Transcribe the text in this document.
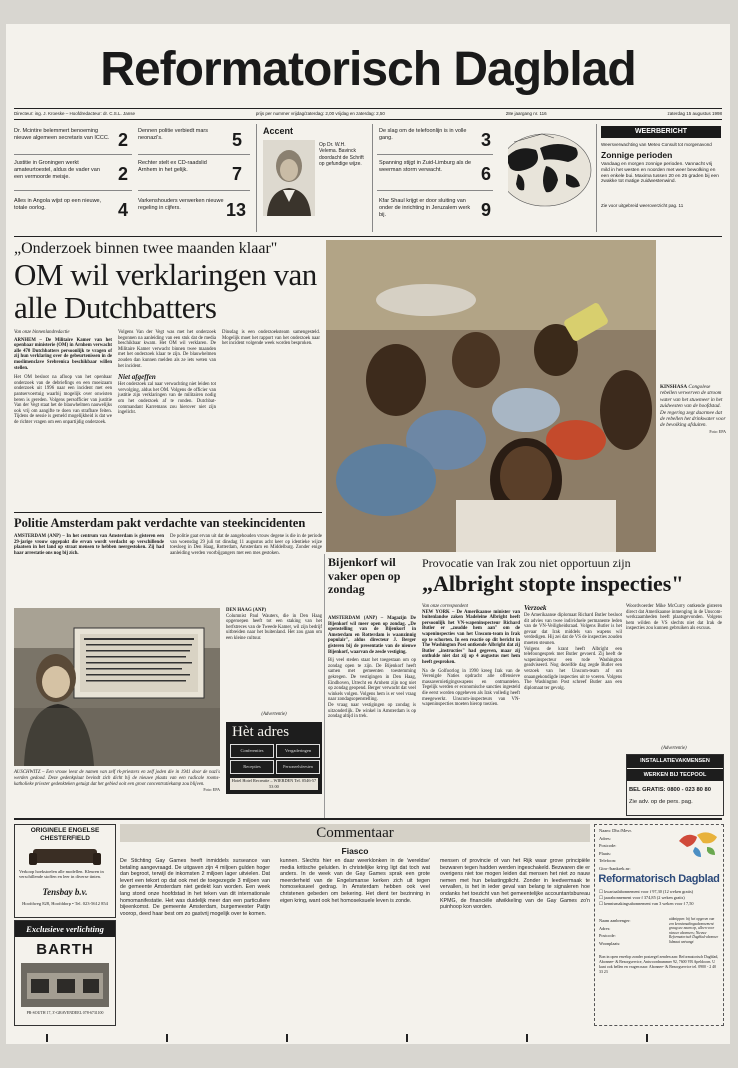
Reformatorisch Dagblad
Directeur: ing. J. Kroeske – Hoofdredacteur: dr. C.S.L. Janse	prijs per nummer vrijdag/zaterdag: 2,00 vrijdag en zaterdag: 2,50	28e jaargang nr. 116	zaterdag 15 augustus 1998
Dr. Mcintire belemmert benoeming nieuwe algemeen secretaris van ICCC. 2
Justitie in Groningen werkt amateurtoestel, aldus de vader van een vermoorde meisje.	2
Alles in Angola wijst op een nieuwe, totale oorlog.	4
Dennen politie verbiedt mars neonazi's.	5
Rechter stelt ex CD-raadslid Arnhem in het gelijk.	7
Varkenshouders verwerken nieuwe regeling in cijfers.	13
Accent
Op Dr. W.H. Velema. Bavinck doordacht de Schrift op gefundige wijze.
De slag om de telefoonlijn is in volle gang.	3
Spanning stijgt in Zuid-Limburg als de weerman storm verwacht.	6
Kfar Shaul krijgt er door sluiting van onder de inrichting in Jeruzalem werk bij.	9
WEERBERICHT
Weersverwachting van Meteo Consult tot morgenavond
Zonnige perioden
Vandaag en morgen zonnige perioden. Vannacht vrij mild in het westen en noorden met weer bewolking en een enkele bui. Maxima tussen 20 en 25 graden bij een zwakke tot matige zuidwestenwind.
Zie voor uitgebreid weeroverzicht pag. 11
„Onderzoek binnen twee maanden klaar"
OM wil verklaringen van alle Dutchbatters
Van onze binnenlandredactie
ARNHEM – De Militaire Kamer van het openbaar ministerie (OM) in Arnhem verwacht alle 470 Dutchbatters persoonlijk te vragen of zij hun verklaring over de gebeurtenissen in de moslimenclave Srebrenica beschikbaar willen stellen.
Het OM besloot na afloop van het openbaar onderzoek van de debriefings en een moeizaam onderzoek uit 1996 naar een incident met een pantservoertuig waarbij mogelijk over onwisten beren is gereden. Volgens persofficier van justitie Van der Vegt staat het de blauwhelmen nauwelijks ook vrij om aangifte te doen van strafbare feiten. Tijdens de sessie is gemeld mogelijkheid is dat we de richter vragen om een onpartijdig onderzoek.
Volgens Van der Vegt was met het onderzoek begonnen na aanleiding van een stuk dat de media beschikbaar kwam. Het OM wil verklaren. De Militaire Kamer verwacht binnen twee maanden met het onderzoek klaar te zijn. De blauwhelmen zouden dan kunnen melden als ze iets weten van het incident.
Niet afgeffen
Het onderzoek zal naar verwachting niet leiden tot vervolging, aldus het OM. Volgens de officier van justitie zijn verklaringen van de militairen nodig om het onderzoek af te ronden. Dutchbat-commandant Karremans zou hierover niet zijn ingelicht.
Dinsdag is een onderzoeksteam samengesteld. Mogelijk moet het rapport van het onderzoek naar het incident volgende week worden besproken.
KINSHASA Congolese rebellen verwerven de stroom water van het stuwmeer in het zuidwesten van de hoofdstad. De regering zegt daarmee dat de rebellen het drinkwater voor de bevolking afsluiten.
Foto: EPA
Politie Amsterdam pakt verdachte van steekincidenten
AMSTERDAM (ANP) – In het centrum van Amsterdam is gisteren een 29-jarige vrouw opgepakt die ervan wordt verdacht op verschillende plaatsen in het land op straat mensen te hebben neergestoken. Zij had haar arrestatie ons nog bij zich.
De politie gaat ervan uit dat de aangehouden vrouw degene is die in de periode van woensdag 29 juli tot dinsdag 11 augustus acht keer op identieke wijze toesloeg in Den Haag, Rotterdam, Amsterdam en Middelburg. Zonder enige aanleiding werden voorbijgangers met een mes gestoken.
AUSCHWITZ – Een vrouw leest de namen van zelf rk-priesters en zelf joden die in 1941 door de nazi's werden gedood. Deze gedenkplaat bevindt zich dicht bij de nieuwe plaats van een radicale rooms-katholieke priester gedenkteken getuigt dat het gebied ooit een groot concentratiekamp zou blijven.
Foto: EPA
DEN HAAG (ANP)
Columnist Paul Wauters, die in Den Haag opgeroepen heeft tot een staking van het herfstreces van de Tweede Kamer, wil zijn bedrijf uitbreiden naar het buitenland. Het zou gaan om een kleine cultuur.
(Advertentie)
Hèt adres
Conferenties	Vergaderingen
Recepties	Personeelsfeesten
Hotel Hotel Recreatie – WIERDEN Tel. 0546-57 53 00
Bijenkorf wil vaker open op zondag
AMSTERDAM (ANP) – Magazijn De Bijenkorf wil meer open op zondag. „De openstelling van de Bijenkorf in Amsterdam en Rotterdam is waanzinnig populair", aldus directeur J. Berger gisteren bij de presentatie van de nieuwe Bijenkorf, waarvan de zesde vestiging.
Bij veel steden staat het toegestaan om op zondag open te zijn. De Bijenkorf heeft samen met gemeenten toestemming gekregen. De vestigingen in Den Haag, Eindhoven, Utrecht en Arnhem zijn nog niet op zondag geopend. Berger verwacht dat veel winkels volgen. Volgens hem is er veel vraag naar zondagsopenstelling.
De vraag naar vestigingen op zondag is uitzonderlijk. De winkel in Amsterdam is op zondag altijd in trek.
Provocatie van Irak zou niet opportuun zijn
„Albright stopte inspecties"
Van onze correspondent
NEW YORK – De Amerikaanse minister van buitenlandse zaken Madeleine Albright heeft persoonlijk het VN-wapeninspecteur Richard Butler er „zoudde hem aan" om de wapeninspecties van het Unscom-team in Irak op te schorten. In een reactie op dit bericht in The Washington Post ontkende Albright dat zij Butler „instructies" had gegeven, maar zij onthulde niet dat zij op 4 augustus met hem heeft gesproken.
Na de Golfoorlog in 1990 kreeg Irak van de Verenigde Naties opdracht alle offensieve massavernietigingswapens en ontmantelen. Tegelijk werden er economische sancties ingesteld die eerst worden opgeheven als Irak volledig heeft meegewerkt. Unscom-inspecteurs van VN-wapeninspecties moeten hierop toezien.
Verzoek
De Amerikaanse diplomaat Richard Butler besloot dit advies van twee individuele permanente leden van de VN-Veiligheidsraad. Volgens Butler is het gevaar dat Irak middels van wapens wil verdedigen. Hij zei dat de VS de inspecties zouden moeten steunen.
Volgens de krant heeft Albright een telefoongesprek met Butler gevoerd. Zij heeft de wapeninspecteur een rode Washington geadviseerd. Nog dezelfde dag zegde Butler een verzoek van het Unscom-team af om onaangekondigde inspecties uit te voeren. Volgens The Washington Post schreef Butler aan een diplomaat ter gevolg.
Woordvoerder Mike McCurry ontkende gisteren direct dat Amerikaanse inmenging in de Unscom-werkzaamheden heeft plaatsgevonden. Volgens hem wilden de VS slechts niet dat Irak de inspecties zou kunnen gebruiken als excuus.
(Advertentie)
INSTALLATIEVAKMENSEN
WERKEN BIJ TECPOOL
BEL GRATIS: 0800 - 023 80 80
Zie adv. op de pers. pag.
ORIGINELE ENGELSE CHESTERFIELD
Verkoop hoekstoelen alle modellen. Kleuren in verschillende stoffen en leer in diverse tinten.
Tensbay b.v.
Hoofdweg 828, Hoofddorp • Tel. 023-5612 854
Exclusieve verlichting
BARTH
PR-SOUTH 17, 3'-GRAVENDEEL 078-6731100
Commentaar
Fiasco
De Stichting Gay Games heeft inmiddels surseance van betaling aangevraagd. De uitgaven zijn 4 miljoen gulden hoger dan begroot, terwijl de inkomsten 2 miljoen lager uitvielen. Dat levert een tekort op dat ook met de toegezegde 3 miljoen van de gemeente Amsterdam niet gedekt kan worden. Een week lang stond onze hoofdstad in het teken van dit internationale homomanifestatie. Het was duidelijk meer dan een particuliere bijeenkomst. De gemeente Amsterdam, burgemeester Patijn voorop, deed haar best om zo gastvrij mogelijk over te komen.
kunnen. Slechts hier en daar weerklonken in de 'wereldse' media kritische geluiden. In christelijke kring ligt dat toch wat anders. In de week van de Gay Games sprak een grote meerderheid van de Engelsmanse kerken zich uit tegen homoseksueel gedrag. In Amsterdam hebben ook veel christenen gebeden om bekering. Het dient ter bezinning in eigen kring, want ook het homoseksuele leven is zonde.
mensen of provincie of van het Rijk waar grove principiële bezwaren tegen hadden werden ingeschakeld. Bezwaren die er overigens niet toe mogen leiden dat mensen het niet zo nauw nemen met hun belastingplicht. Zonder in leedvermaak te vervallen, is het in ieder geval van belang te signaleren hoe ondanks het toezicht van het gemeentelijke accountantsbureau KPMG, de financiële afwikkeling van de Gay Games zo'n puinhoop kon worden.
Naam: Dhr./Mevr.
Adres:
Postcode:
Plaats:
Telefoon:
Giro-/bankrek.nr:
Reformatorisch Dagblad
☐ kwartaalabonnement voor f 97,30 (12 weken gratis)
☐ jaarabonnement voor f 374,85 (2 weken gratis)
☐ kennismakingsabonnement van 3 weken voor f 7,50
Naam aanbrenger:
Adres:
Postcode:
Woonplaats:
uitknippen: bij het opgeven van een kennismakingsabonnement graag uw naam op, alleen voor nieuwe abonnees; Nieuwe Reformatorisch Dagblad-abonnee lidmaat ontvangt
Bon in open envelop zonder postzegel zenden aan: Reformatorisch Dagblad, Abonnee- & Bezorgservice, Antwoordnummer 92, 7600 VB Apeldoorn. U kunt ook bellen en vragen naar: Abonnee- & Bezorgservice tel. 0900 - 2 40 33 23
